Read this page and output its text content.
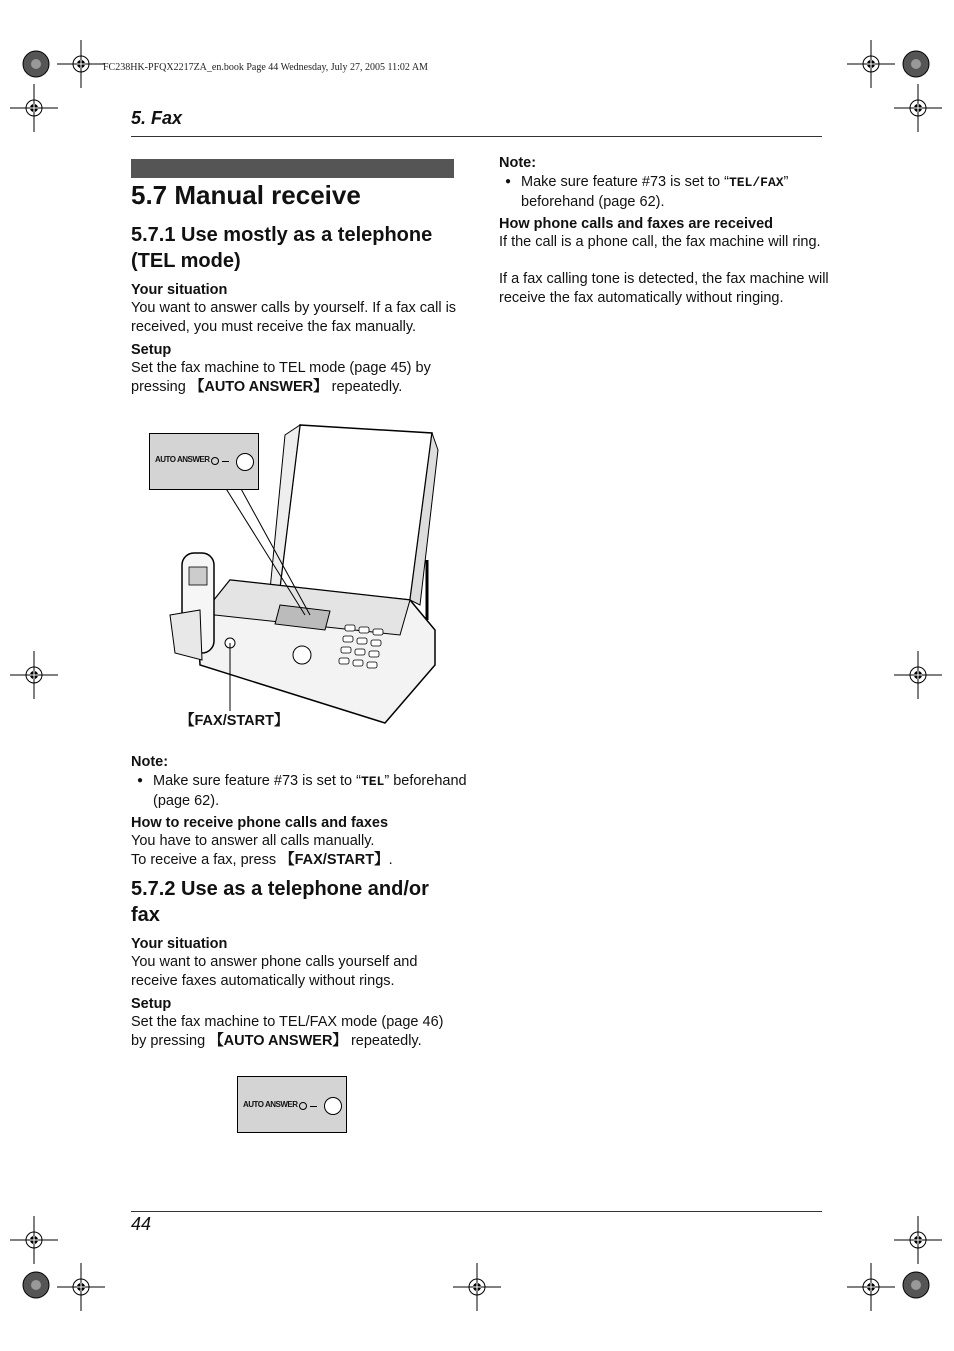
FC238HK-PFQX2217ZA_en.book Page 44 Wednesday, July 27, 2005 11:02 AM
5. Fax
5.7 Manual receive
5.7.1 Use mostly as a telephone (TEL mode)
Your situation
You want to answer calls by yourself. If a fax call is received, you must receive the fax manually.
Setup
Set the fax machine to TEL mode (page 45) by pressing 【AUTO ANSWER】 repeatedly.
AUTO ANSWER
【FAX/START】
Note:
● Make sure feature #73 is set to “TEL” beforehand (page 62).
How to receive phone calls and faxes
You have to answer all calls manually.
To receive a fax, press 【FAX/START】.
5.7.2 Use as a telephone and/or fax
Your situation
You want to answer phone calls yourself and receive faxes automatically without rings.
Setup
Set the fax machine to TEL/FAX mode (page 46) by pressing 【AUTO ANSWER】 repeatedly.
AUTO ANSWER
Note:
● Make sure feature #73 is set to “TEL/FAX” beforehand (page 62).
How phone calls and faxes are received
If the call is a phone call, the fax machine will ring.
If a fax calling tone is detected, the fax machine will receive the fax automatically without ringing.
44
